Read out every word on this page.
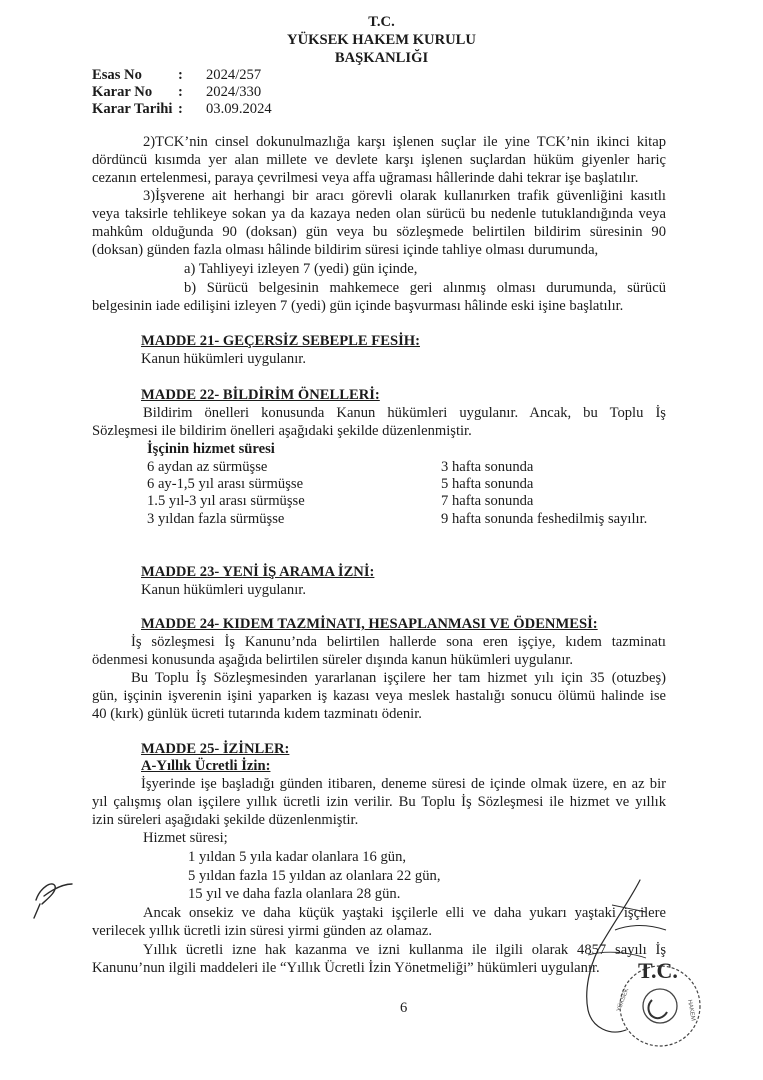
T.C.
YÜKSEK HAKEM KURULU
BAŞKANLIĞI
Esas No	:	2024/257
Karar No	:	2024/330
Karar Tarihi :	03.09.2024
2)TCK’nin cinsel dokunulmazlığa karşı işlenen suçlar ile yine TCK’nin ikinci kitap
dördüncü kısımda yer alan millete ve devlete karşı işlenen suçlardan hüküm giyenler hariç
cezanın ertelenmesi, paraya çevrilmesi veya affa uğraması hâllerinde dahi tekrar işe başlatılır.
3)İşverene ait herhangi bir aracı görevli olarak kullanırken trafik güvenliğini kasıtlı
veya taksirle tehlikeye sokan ya da kazaya neden olan sürücü bu nedenle tutuklandığında veya
mahkûm olduğunda 90 (doksan) gün veya bu sözleşmede belirtilen bildirim süresinin 90
(doksan) günden fazla olması hâlinde bildirim süresi içinde tahliye olması durumunda,
a) Tahliyeyi izleyen 7 (yedi) gün içinde,
b) Sürücü belgesinin mahkemece geri alınmış olması durumunda, sürücü
belgesinin iade edilişini izleyen 7 (yedi) gün içinde başvurması hâlinde eski işine başlatılır.
MADDE 21- GEÇERSİZ SEBEPLE FESİH:
Kanun hükümleri uygulanır.
MADDE 22- BİLDİRİM ÖNELLERİ:
Bildirim önelleri konusunda Kanun hükümleri uygulanır. Ancak, bu Toplu İş
Sözleşmesi ile bildirim önelleri aşağıdaki şekilde düzenlenmiştir.
İşçinin hizmet süresi
6 aydan az sürmüşse	3 hafta sonunda
6 ay-1,5 yıl arası sürmüşse	5 hafta sonunda
1.5 yıl-3 yıl arası sürmüşse	7 hafta sonunda
3 yıldan fazla sürmüşse	9 hafta sonunda feshedilmiş sayılır.
MADDE 23- YENİ İŞ ARAMA İZNİ:
Kanun hükümleri uygulanır.
MADDE 24- KIDEM TAZMİNATI, HESAPLANMASI VE ÖDENMESİ:
İş sözleşmesi İş Kanunu’nda belirtilen hallerde sona eren işçiye, kıdem tazminatı
ödenmesi konusunda aşağıda belirtilen süreler dışında kanun hükümleri uygulanır.
Bu Toplu İş Sözleşmesinden yararlanan işçilere her tam hizmet yılı için 35 (otuzbeş)
gün, işçinin işverenin işini yaparken iş kazası veya meslek hastalığı sonucu ölümü halinde ise
40 (kırk) günlük ücreti tutarında kıdem tazminatı ödenir.
MADDE 25- İZİNLER:
A-Yıllık Ücretli İzin:
İşyerinde işe başladığı günden itibaren, deneme süresi de içinde olmak üzere, en az bir
yıl çalışmış olan işçilere yıllık ücretli izin verilir. Bu Toplu İş Sözleşmesi ile hizmet ve yıllık
izin süreleri aşağıdaki şekilde düzenlenmiştir.
Hizmet süresi;
1 yıldan 5 yıla kadar olanlara 16 gün,
5 yıldan fazla 15 yıldan az olanlara 22 gün,
15 yıl ve daha fazla olanlara 28 gün.
Ancak onsekiz ve daha küçük yaştaki işçilerle elli ve daha yukarı yaştaki işçilere
verilecek yıllık ücretli izin süresi yirmi günden az olamaz.
Yıllık ücretli izne hak kazanma ve izni kullanma ile ilgili olarak 4857 sayılı İş
Kanunu’nun ilgili maddeleri ile “Yıllık Ücretli İzin Yönetmeliği” hükümleri uygulanır.
6
T.C.
HAKEM
YÜKSEK
